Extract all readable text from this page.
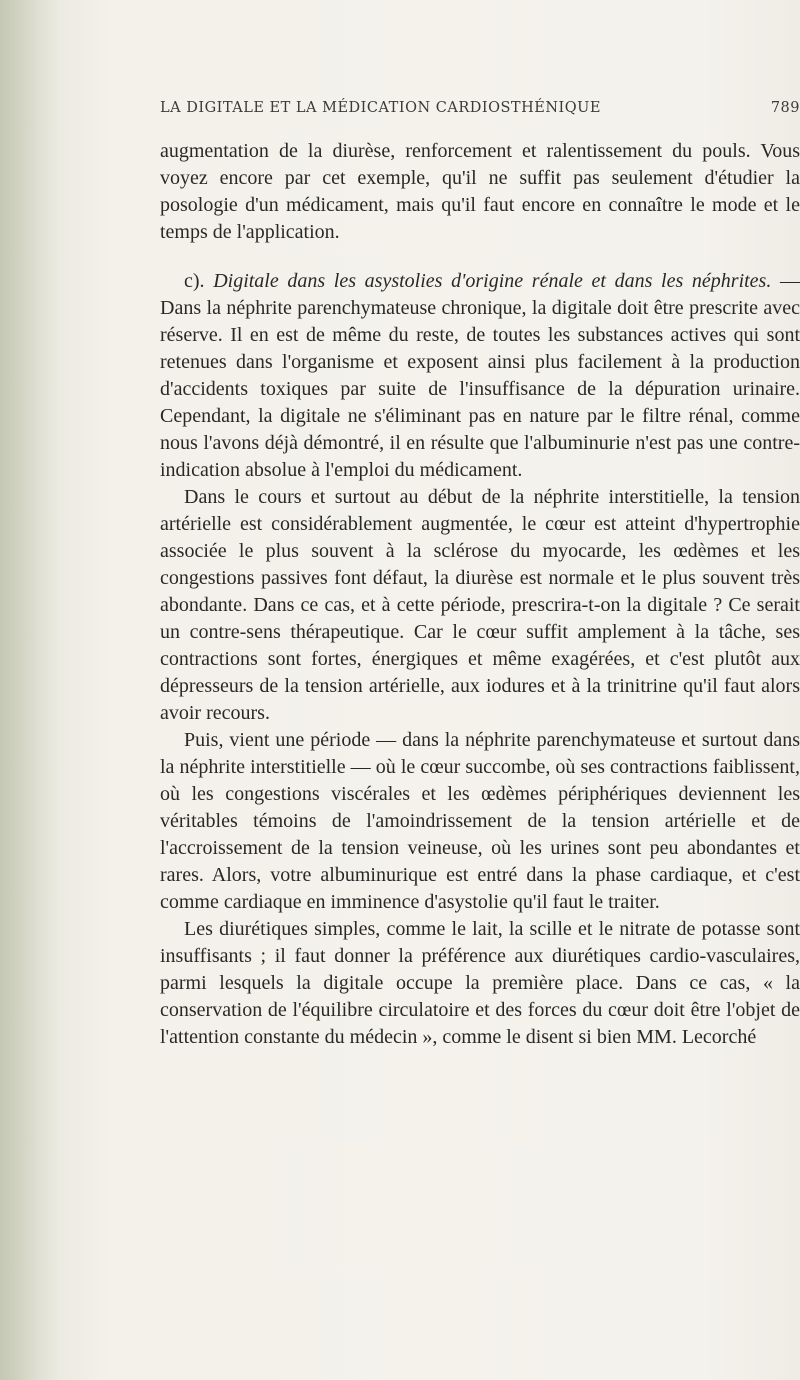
LA DIGITALE ET LA MÉDICATION CARDIOSTHÉNIQUE	789

augmentation de la diurèse, renforcement et ralentissement du pouls. Vous voyez encore par cet exemple, qu'il ne suffit pas seulement d'étudier la posologie d'un médicament, mais qu'il faut encore en connaître le mode et le temps de l'application.

c). Digitale dans les asystolies d'origine rénale et dans les néphrites. — Dans la néphrite parenchymateuse chronique, la digitale doit être prescrite avec réserve. Il en est de même du reste, de toutes les substances actives qui sont retenues dans l'organisme et exposent ainsi plus facilement à la production d'accidents toxiques par suite de l'insuffisance de la dépuration urinaire. Cependant, la digitale ne s'éliminant pas en nature par le filtre rénal, comme nous l'avons déjà démontré, il en résulte que l'albuminurie n'est pas une contre-indication absolue à l'emploi du médicament.

Dans le cours et surtout au début de la néphrite interstitielle, la tension artérielle est considérablement augmentée, le cœur est atteint d'hypertrophie associée le plus souvent à la sclérose du myocarde, les œdèmes et les congestions passives font défaut, la diurèse est normale et le plus souvent très abondante. Dans ce cas, et à cette période, prescrira-t-on la digitale ? Ce serait un contre-sens thérapeutique. Car le cœur suffit amplement à la tâche, ses contractions sont fortes, énergiques et même exagérées, et c'est plutôt aux dépresseurs de la tension artérielle, aux iodures et à la trinitrine qu'il faut alors avoir recours.

Puis, vient une période — dans la néphrite parenchymateuse et surtout dans la néphrite interstitielle — où le cœur succombe, où ses contractions faiblissent, où les congestions viscérales et les œdèmes périphériques deviennent les véritables témoins de l'amoindrissement de la tension artérielle et de l'accroissement de la tension veineuse, où les urines sont peu abondantes et rares. Alors, votre albuminurique est entré dans la phase cardiaque, et c'est comme cardiaque en imminence d'asystolie qu'il faut le traiter.

Les diurétiques simples, comme le lait, la scille et le nitrate de potasse sont insuffisants ; il faut donner la préférence aux diurétiques cardio-vasculaires, parmi lesquels la digitale occupe la première place. Dans ce cas, « la conservation de l'équilibre circulatoire et des forces du cœur doit être l'objet de l'attention constante du médecin », comme le disent si bien MM. Lecorché
